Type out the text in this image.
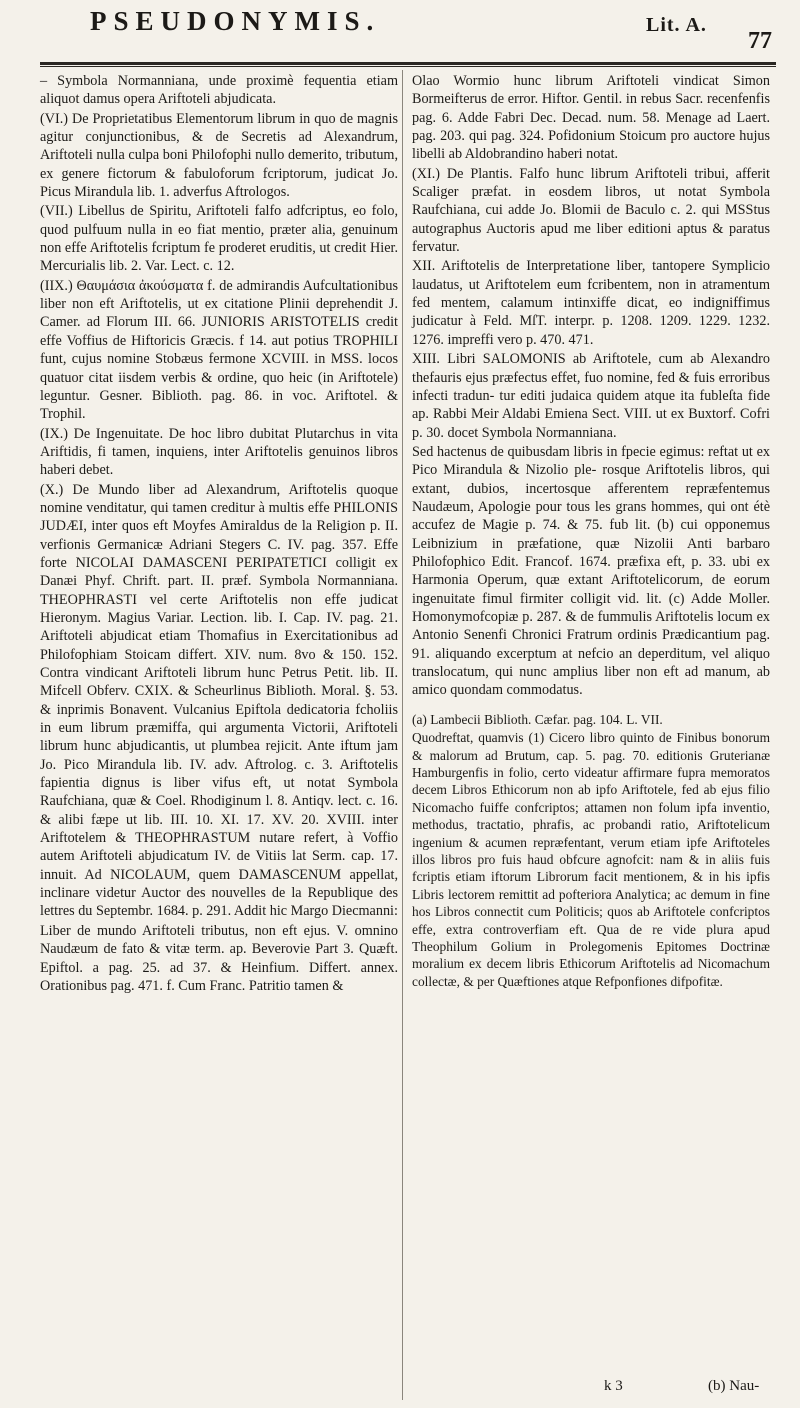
PSEUDONYMIS.	Lit. A.
77

– Symbola Normanniana, unde proximè fequentia etiam aliquot damus opera Ariftoteli abjudicata.

(VI.) De Proprietatibus Elementorum librum in quo de magnis agitur conjunctionibus, & de Secretis ad Alexandrum, Ariftoteli nulla culpa boni Philofophi nullo demerito, tributum, ex genere fictorum & fabuloforum fcriptorum, judicat Jo. Picus Mirandula lib. 1. adverfus Aftrologos.

(VII.) Libellus de Spiritu, Ariftoteli falfo adfcriptus, eo folo, quod pulfuum nulla in eo fiat mentio, præter alia, genuinum non effe Ariftotelis fcriptum fe proderet eruditis, ut credit Hier. Mercurialis lib. 2. Var. Lect. c. 12.

(IIX.) Θαυμάσια ἀκούσματα f. de admirandis Aufcultationibus liber non eft Ariftotelis, ut ex citatione Plinii deprehendit J. Camer. ad Florum III. 66. JUNIORIS ARISTOTELIS credit effe Voffius de Hiftoricis Græcis. f 14. aut potius TROPHILI funt, cujus nomine Stobæus fermone XCVIII. in MSS. locos quatuor citat iisdem verbis & ordine, quo heic (in Ariftotele) leguntur. Gesner. Biblioth. pag. 86. in voc. Ariftotel. & Trophil.

(IX.) De Ingenuitate. De hoc libro dubitat Plutarchus in vita Ariftidis, fi tamen, inquiens, inter Ariftotelis genuinos libros haberi debet.

(X.) De Mundo liber ad Alexandrum, Ariftotelis quoque nomine venditatur, qui tamen creditur à multis effe PHILONIS JUDÆI, inter quos eft Moyfes Amiraldus de la Religion p. II. verfionis Germanicæ Adriani Stegers C. IV. pag. 357. Effe forte NICOLAI DAMASCENI PERIPATETICI colligit ex Danæi Phyf. Chrift. part. II. præf. Symbola Normanniana. THEOPHRASTI vel certe Ariftotelis non effe judicat Hieronym. Magius Variar. Lection. lib. I. Cap. IV. pag. 21. Ariftoteli abjudicat etiam Thomafius in Exercitationibus ad Philofophiam Stoicam differt. XIV. num. 8vo & 150. 152. Contra vindicant Ariftoteli librum hunc Petrus Petit. lib. II. Mifcell Obferv. CXIX. & Scheurlinus Biblioth. Moral. §. 53. & inprimis Bonavent. Vulcanius Epiftola dedicatoria fcholiis in eum librum præmiffa, qui argumenta Victorii, Ariftoteli librum hunc abjudicantis, ut plumbea rejicit. Ante iftum jam Jo. Pico Mirandula lib. IV. adv. Aftrolog. c. 3. Ariftotelis fapientia dignus is liber vifus eft, ut notat Symbola Raufchiana, quæ & Coel. Rhodiginum l. 8. Antiqv. lect. c. 16. & alibi fæpe ut lib. III. 10. XI. 17. XV. 20. XVIII. inter Ariftotelem & THEOPHRASTUM nutare refert, à Voffio autem Ariftoteli abjudicatum IV. de Vitiis lat Serm. cap. 17. innuit. Ad NICOLAUM, quem DAMASCENUM appellat, inclinare videtur Auctor des nouvelles de la Republique des lettres du Septembr. 1684. p. 291. Addit hic Margo Diecmanni:

Liber de mundo Ariftoteli tributus, non eft ejus. V. omnino Naudæum de fato & vitæ term. ap. Beverovie Part 3. Quæft. Epiftol. a pag. 25. ad 37. & Heinfium. Differt. annex. Orationibus pag. 471. f. Cum Franc. Patritio tamen &

Olao Wormio hunc librum Ariftoteli vindicat Simon Bormeifterus de error. Hiftor. Gentil. in rebus Sacr. recenfenfis pag. 6. Adde Fabri Dec. Decad. num. 58. Menage ad Laert. pag. 203. qui pag. 324. Pofidonium Stoicum pro auctore hujus libelli ab Aldobrandino haberi notat.

(XI.) De Plantis. Falfo hunc librum Ariftoteli tribui, afferit Scaliger præfat. in eosdem libros, ut notat Symbola Raufchiana, cui adde Jo. Blomii de Baculo c. 2. qui MSStus autographus Auctoris apud me liber editioni aptus & paratus fervatur.

XII. Ariftotelis de Interpretatione liber, tantopere Symplicio laudatus, ut Ariftotelem eum fcribentem, non in atramentum fed mentem, calamum intinxiffe dicat, eo indigniffimus judicatur à Feld. MſT. interpr. p. 1208. 1209. 1229. 1232. 1276. impreffi vero p. 470. 471.

XIII. Libri SALOMONIS ab Ariftotele, cum ab Alexandro thefauris ejus præfectus effet, fuo nomine, fed & fuis erroribus infecti tradun- tur editi judaica quidem atque ita fubleſta fide ap. Rabbi Meir Aldabi Emiena Sect. VIII. ut ex Buxtorf. Cofri p. 30. docet Symbola Normanniana.

Sed hactenus de quibusdam libris in fpecie egimus: reftat ut ex Pico Mirandula & Nizolio ple- rosque Ariftotelis libros, qui extant, dubios, incertosque afferentem repræfentemus Naudæum, Apologie pour tous les grans hommes, qui ont étè accufez de Magie p. 74. & 75. fub lit. (b) cui opponemus Leibnizium in præfatione, quæ Nizolii Anti barbaro Philofophico Edit. Francof. 1674. præfixa eft, p. 33. ubi ex Harmonia Operum, quæ extant Ariftotelicorum, de eorum ingenuitate fimul firmiter colligit vid. lit. (c) Adde Moller. Homonymofcopiæ p. 287. & de fummulis Ariftotelis locum ex Antonio Senenfi Chronici Fratrum ordinis Prædicantium pag. 91. aliquando excerptum at nefcio an deperditum, vel aliquo translocatum, qui nunc amplius liber non eft ad manum, ab amico quondam commodatus.

(a) Lambecii Biblioth. Cæfar. pag. 104. L. VII.

Quodreftat, quamvis (1) Cicero libro quinto de Finibus bonorum & malorum ad Brutum, cap. 5. pag. 70. editionis Gruterianæ Hamburgenfis in folio, certo videatur affirmare fupra memoratos decem Libros Ethicorum non ab ipfo Ariftotele, fed ab ejus filio Nicomacho fuiffe confcriptos; attamen non folum ipfa inventio, methodus, tractatio, phrafis, ac probandi ratio, Ariftotelicum ingenium & acumen repræfentant, verum etiam ipfe Ariftoteles illos libros pro fuis haud obfcure agnofcit: nam & in aliis fuis fcriptis etiam iftorum Librorum facit mentionem, & in his ipfis Libris lectorem remittit ad pofteriora Analytica; ac demum in fine hos Libros connectit cum Politicis; quos ab Ariftotele confcriptos effe, extra controverfiam eft. Qua de re vide plura apud Theophilum Golium in Prolegomenis Epitomes Doctrinæ moralium ex decem libris Ethicorum Ariftotelis ad Nicomachum collectæ, & per Quæftiones atque Refponfiones difpofitæ.

k 3	(b) Nau-
